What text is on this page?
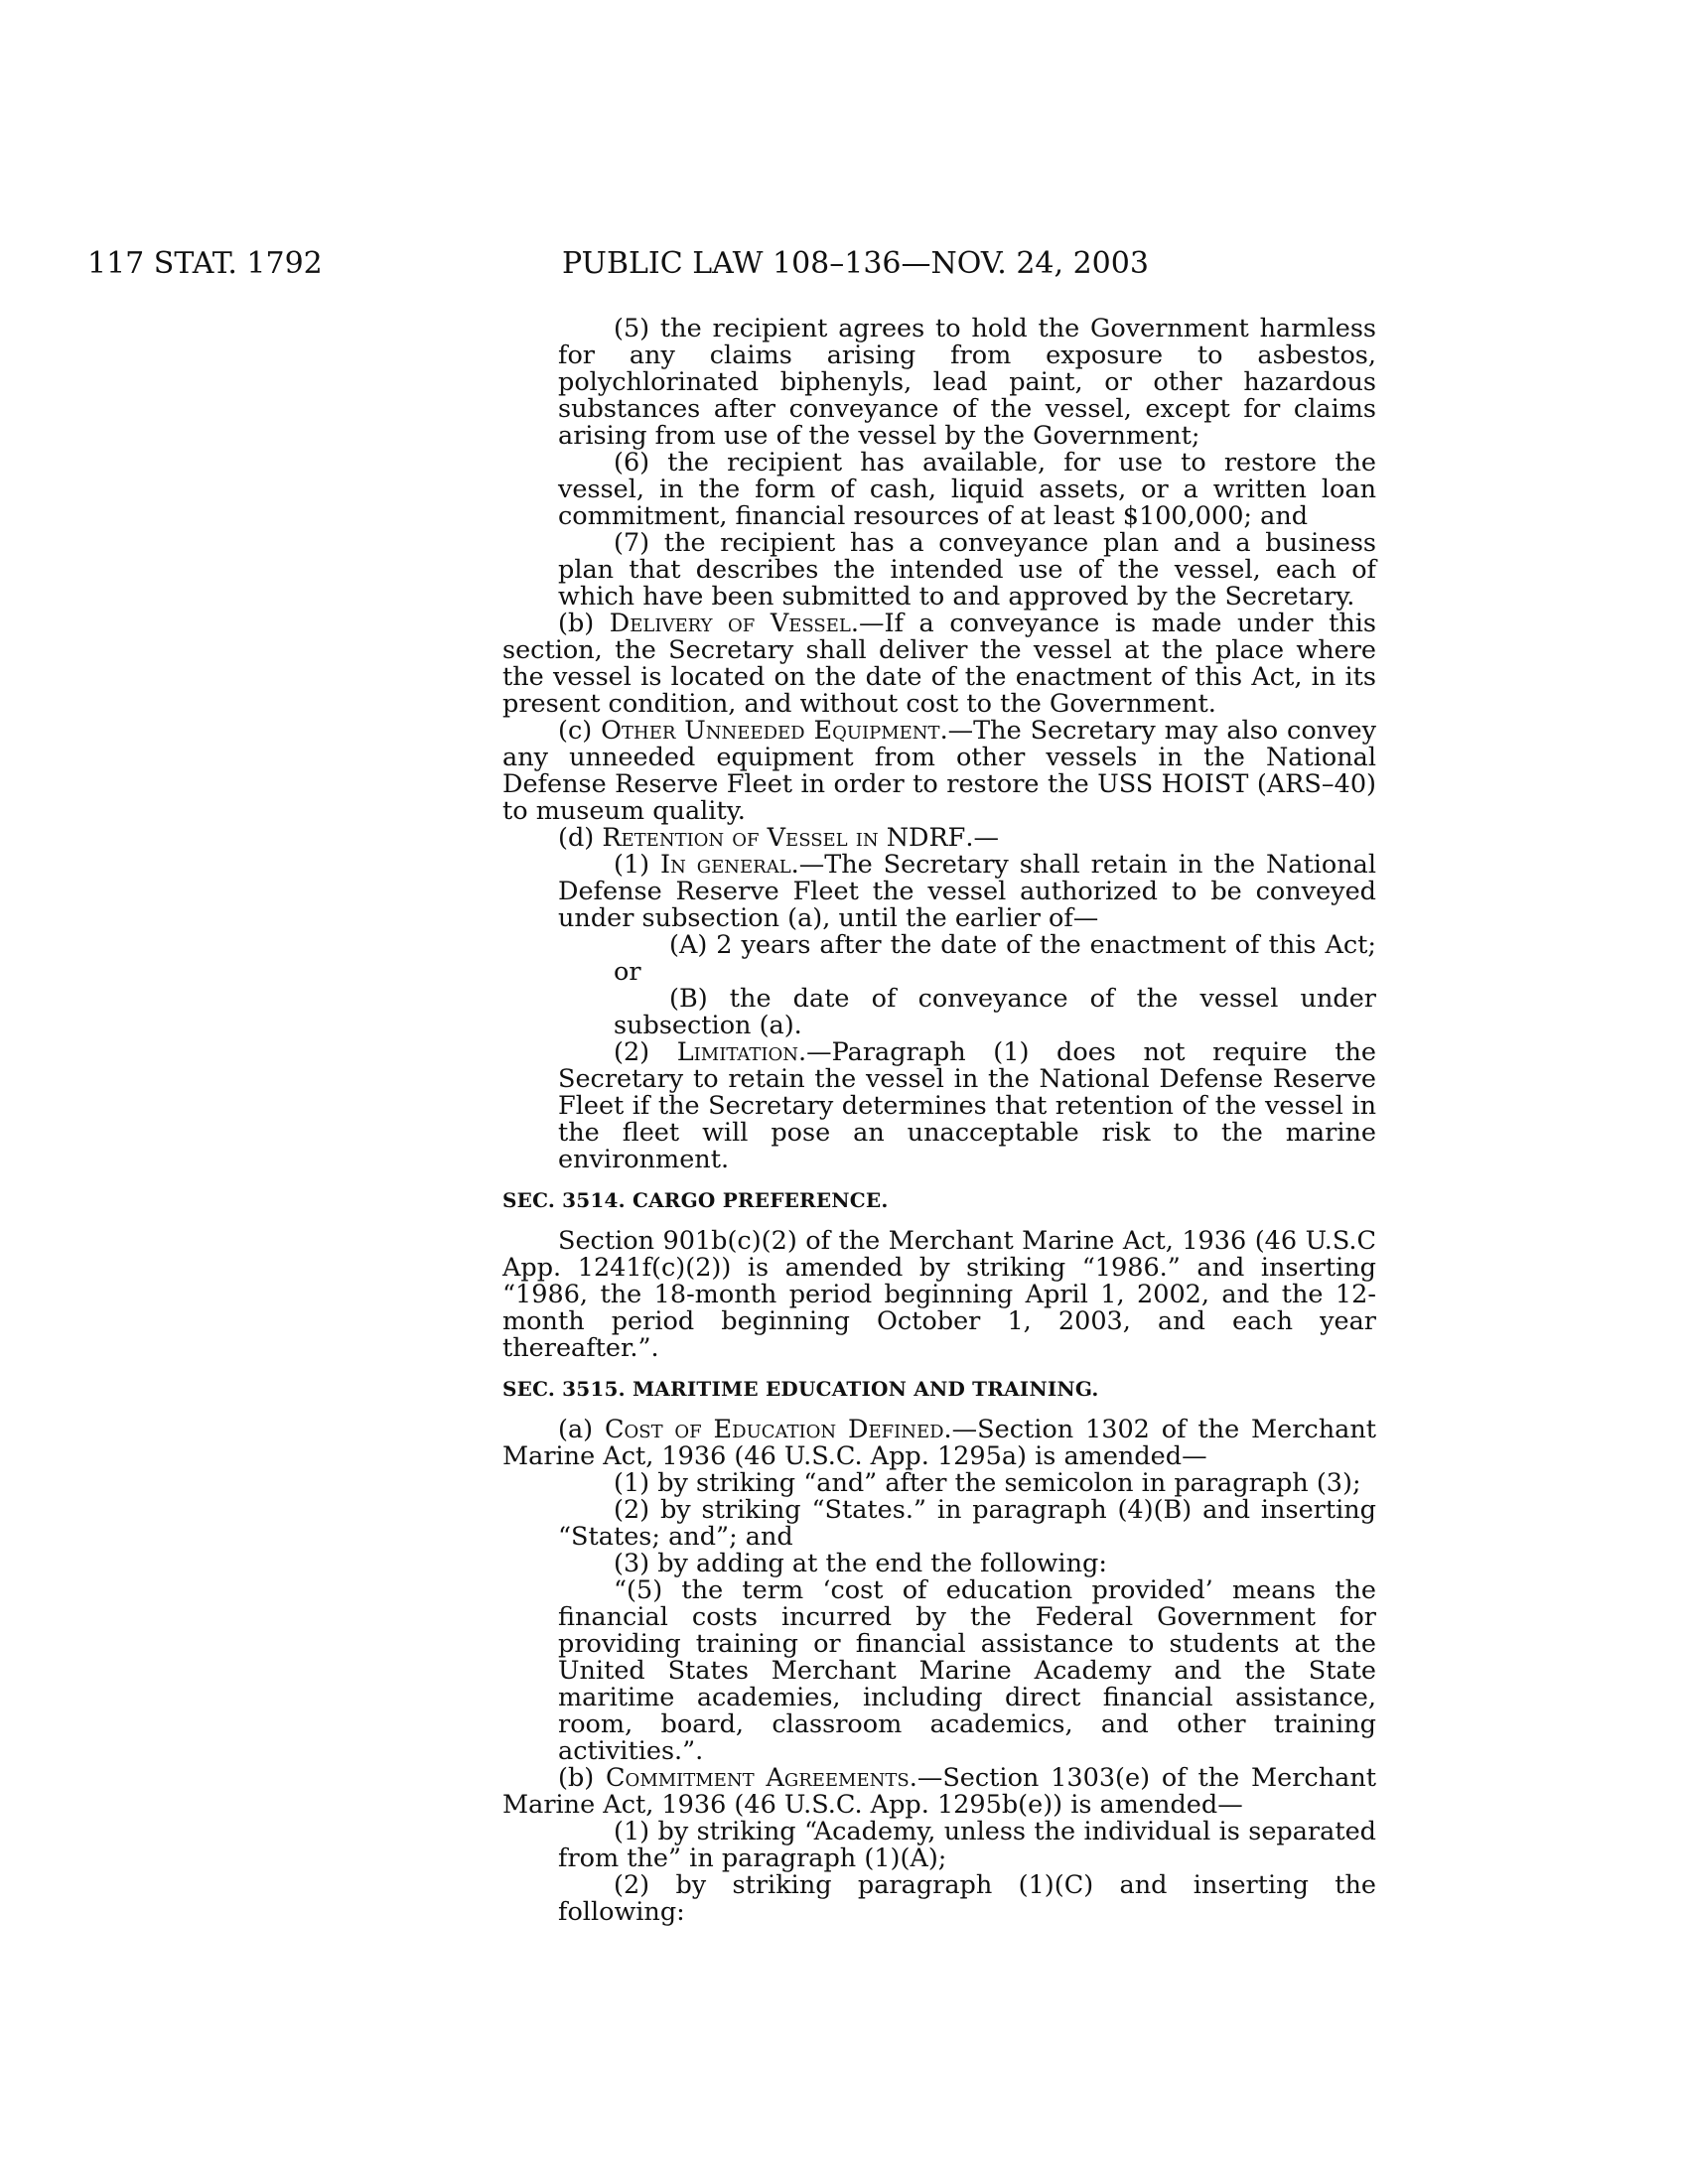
117 STAT. 1792	PUBLIC LAW 108–136—NOV. 24, 2003

(5) the recipient agrees to hold the Government harmless for any claims arising from exposure to asbestos, polychlorinated biphenyls, lead paint, or other hazardous substances after conveyance of the vessel, except for claims arising from use of the vessel by the Government;

(6) the recipient has available, for use to restore the vessel, in the form of cash, liquid assets, or a written loan commitment, financial resources of at least $100,000; and

(7) the recipient has a conveyance plan and a business plan that describes the intended use of the vessel, each of which have been submitted to and approved by the Secretary.

(b) Delivery of Vessel.—If a conveyance is made under this section, the Secretary shall deliver the vessel at the place where the vessel is located on the date of the enactment of this Act, in its present condition, and without cost to the Government.

(c) Other Unneeded Equipment.—The Secretary may also convey any unneeded equipment from other vessels in the National Defense Reserve Fleet in order to restore the USS HOIST (ARS–40) to museum quality.

(d) Retention of Vessel in NDRF.—

(1) In general.—The Secretary shall retain in the National Defense Reserve Fleet the vessel authorized to be conveyed under subsection (a), until the earlier of—

(A) 2 years after the date of the enactment of this Act; or

(B) the date of conveyance of the vessel under subsection (a).

(2) Limitation.—Paragraph (1) does not require the Secretary to retain the vessel in the National Defense Reserve Fleet if the Secretary determines that retention of the vessel in the fleet will pose an unacceptable risk to the marine environment.

SEC. 3514. CARGO PREFERENCE.

Section 901b(c)(2) of the Merchant Marine Act, 1936 (46 U.S.C App. 1241f(c)(2)) is amended by striking “1986.” and inserting “1986, the 18-month period beginning April 1, 2002, and the 12-month period beginning October 1, 2003, and each year thereafter.”.

SEC. 3515. MARITIME EDUCATION AND TRAINING.

(a) Cost of Education Defined.—Section 1302 of the Merchant Marine Act, 1936 (46 U.S.C. App. 1295a) is amended—

(1) by striking “and” after the semicolon in paragraph (3);

(2) by striking “States.” in paragraph (4)(B) and inserting “States; and”; and

(3) by adding at the end the following:

“(5) the term ‘cost of education provided’ means the financial costs incurred by the Federal Government for providing training or financial assistance to students at the United States Merchant Marine Academy and the State maritime academies, including direct financial assistance, room, board, classroom academics, and other training activities.”.

(b) Commitment Agreements.—Section 1303(e) of the Merchant Marine Act, 1936 (46 U.S.C. App. 1295b(e)) is amended—

(1) by striking “Academy, unless the individual is separated from the” in paragraph (1)(A);

(2) by striking paragraph (1)(C) and inserting the following:
